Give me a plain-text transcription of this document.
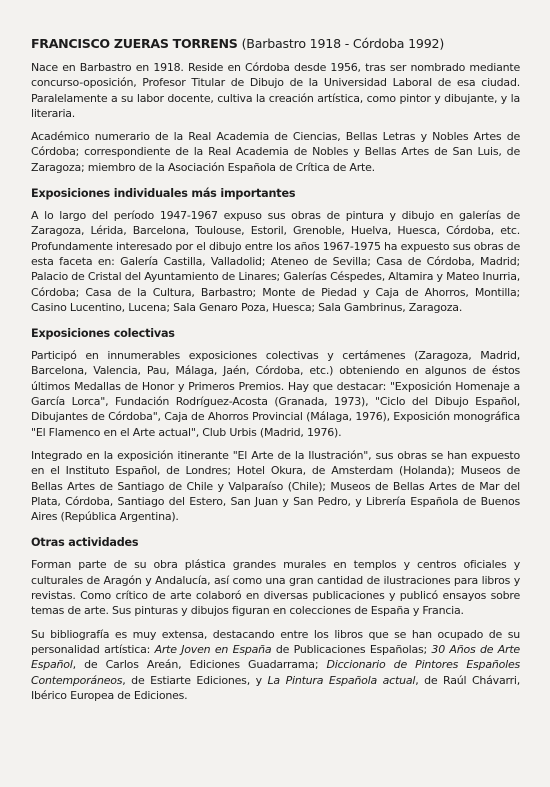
FRANCISCO ZUERAS TORRENS (Barbastro 1918 - Córdoba 1992)

Nace en Barbastro en 1918. Reside en Córdoba desde 1956, tras ser nombrado mediante concurso-oposición, Profesor Titular de Dibujo de la Universidad Laboral de esa ciudad. Paralelamente a su labor docente, cultiva la creación artística, como pintor y dibujante, y la literaria.

Académico numerario de la Real Academia de Ciencias, Bellas Letras y Nobles Artes de Córdoba; correspondiente de la Real Academia de Nobles y Bellas Artes de San Luis, de Zaragoza; miembro de la Asociación Española de Crítica de Arte.

Exposiciones individuales más importantes

A lo largo del período 1947-1967 expuso sus obras de pintura y dibujo en galerías de Zaragoza, Lérida, Barcelona, Toulouse, Estoril, Grenoble, Huelva, Huesca, Córdoba, etc. Profundamente interesado por el dibujo entre los años 1967-1975 ha expuesto sus obras de esta faceta en: Galería Castilla, Valladolid; Ateneo de Sevilla; Casa de Córdoba, Madrid; Palacio de Cristal del Ayuntamiento de Linares; Galerías Céspedes, Altamira y Mateo Inurria, Córdoba; Casa de la Cultura, Barbastro; Monte de Piedad y Caja de Ahorros, Montilla; Casino Lucentino, Lucena; Sala Genaro Poza, Huesca; Sala Gambrinus, Zaragoza.

Exposiciones colectivas

Participó en innumerables exposiciones colectivas y certámenes (Zaragoza, Madrid, Barcelona, Valencia, Pau, Málaga, Jaén, Córdoba, etc.) obteniendo en algunos de éstos últimos Medallas de Honor y Primeros Premios. Hay que destacar: "Exposición Homenaje a García Lorca", Fundación Rodríguez-Acosta (Granada, 1973), "Ciclo del Dibujo Español, Dibujantes de Córdoba", Caja de Ahorros Provincial (Málaga, 1976), Exposición monográfica "El Flamenco en el Arte actual", Club Urbis (Madrid, 1976).

Integrado en la exposición itinerante "El Arte de la Ilustración", sus obras se han expuesto en el Instituto Español, de Londres; Hotel Okura, de Amsterdam (Holanda); Museos de Bellas Artes de Santiago de Chile y Valparaíso (Chile); Museos de Bellas Artes de Mar del Plata, Córdoba, Santiago del Estero, San Juan y San Pedro, y Librería Española de Buenos Aires (República Argentina).

Otras actividades

Forman parte de su obra plástica grandes murales en templos y centros oficiales y culturales de Aragón y Andalucía, así como una gran cantidad de ilustraciones para libros y revistas. Como crítico de arte colaboró en diversas publicaciones y publicó ensayos sobre temas de arte. Sus pinturas y dibujos figuran en colecciones de España y Francia.

Su bibliografía es muy extensa, destacando entre los libros que se han ocupado de su personalidad artística: Arte Joven en España de Publicaciones Españolas; 30 Años de Arte Español, de Carlos Areán, Ediciones Guadarrama; Diccionario de Pintores Españoles Contemporáneos, de Estiarte Ediciones, y La Pintura Española actual, de Raúl Chávarri, Ibérico Europea de Ediciones.
